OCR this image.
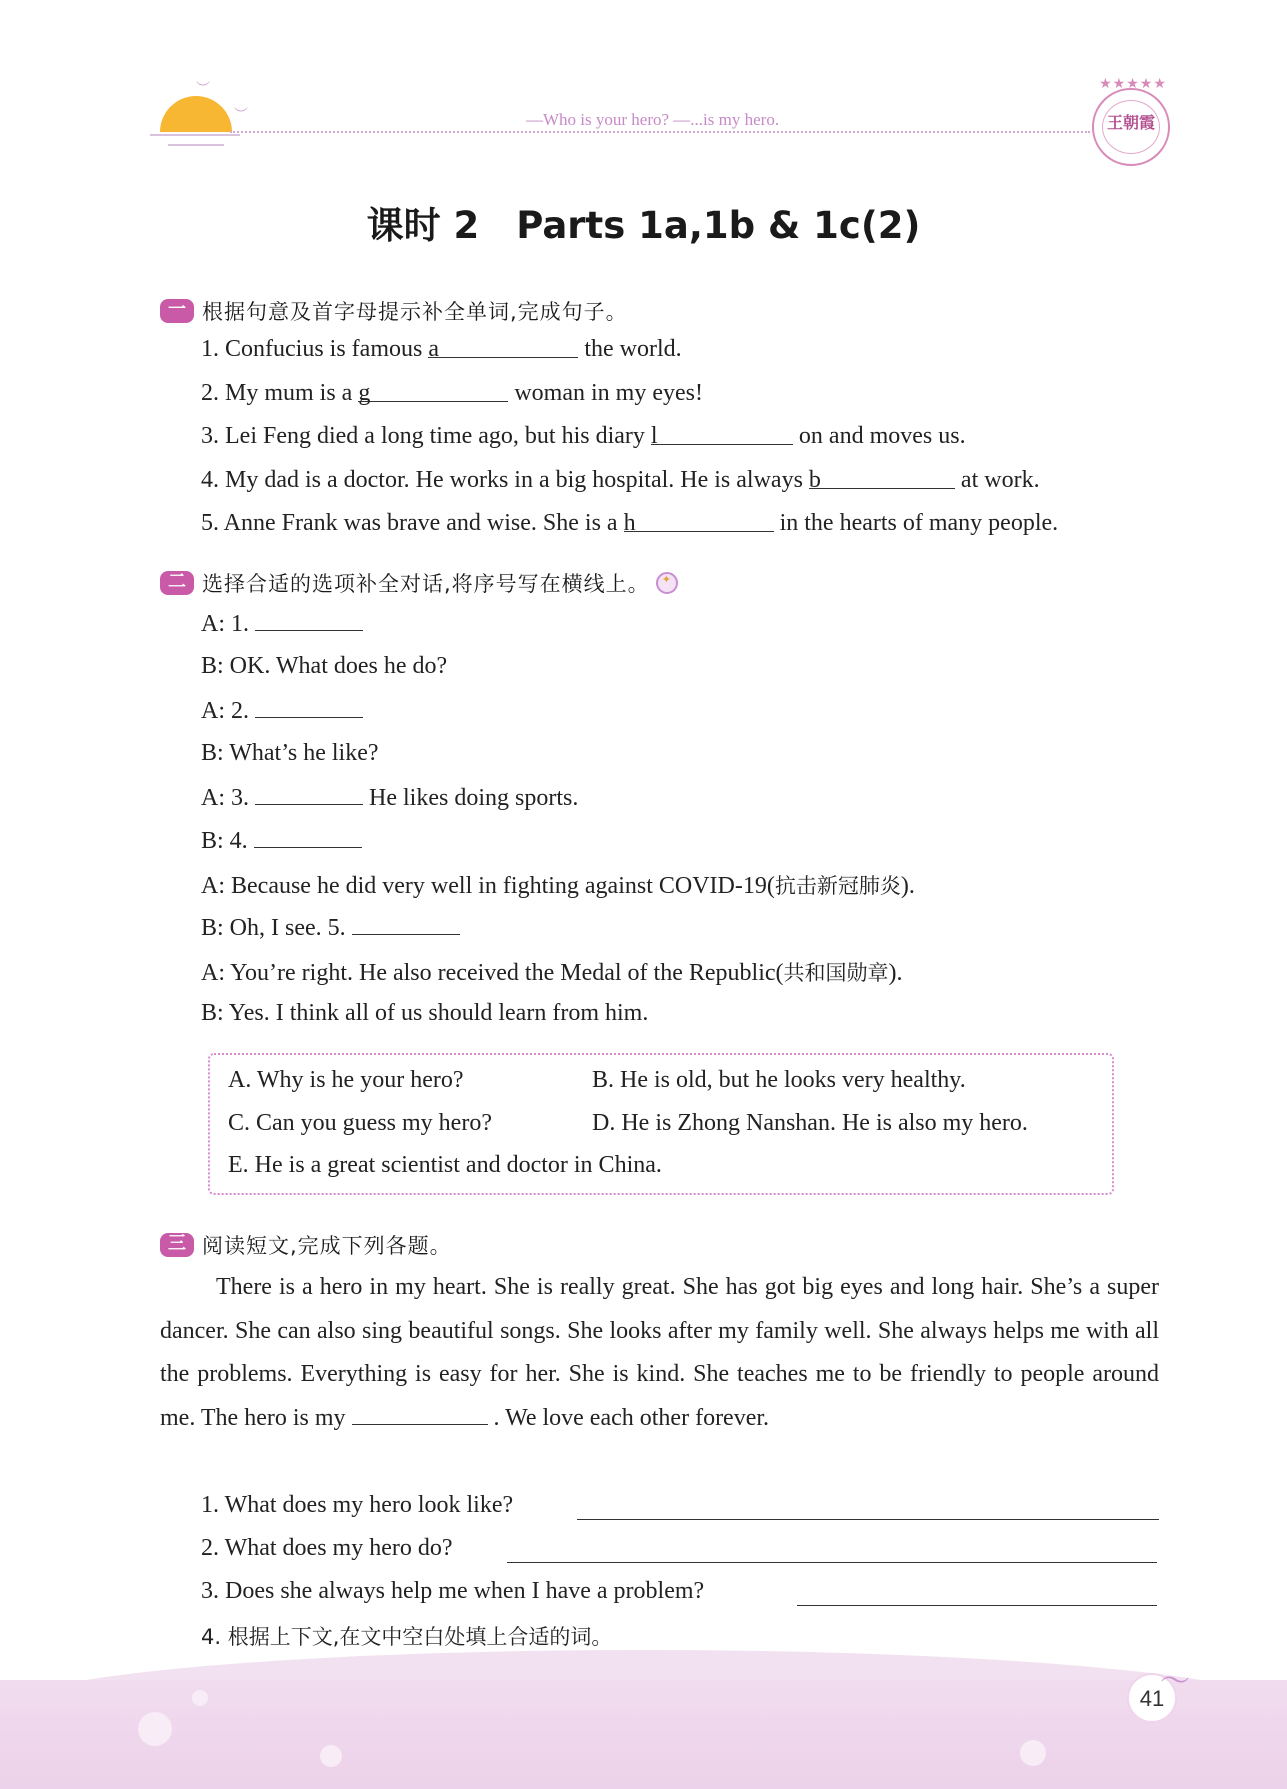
︶
︶	—Who is your hero? —...is my hero.
★★★★★
王朝霞
课时 2　Parts 1a,1b & 1c(2)
一 根据句意及首字母提示补全单词,完成句子。
1. Confucius is famous a	the world.
2. My mum is a g	woman in my eyes!
3. Lei Feng died a long time ago, but his diary l	on and moves us.
4. My dad is a doctor. He works in a big hospital. He is always b	at work.
5. Anne Frank was brave and wise. She is a h	in the hearts of many people.
二 选择合适的选项补全对话,将序号写在横线上。
✦
A: 1.
B: OK. What does he do?
A: 2.
B: What’s he like?
A: 3.	He likes doing sports.
B: 4.
A: Because he did very well in fighting against COVID-19(抗击新冠肺炎).
B: Oh, I see. 5.
A: You’re right. He also received the Medal of the Republic(共和国勋章).
B: Yes. I think all of us should learn from him.
A. Why is he your hero?	B. He is old, but he looks very healthy.
C. Can you guess my hero?	D. He is Zhong Nanshan. He is also my hero.
E. He is a great scientist and doctor in China.
三 阅读短文,完成下列各题。
There is a hero in my heart. She is really great. She has got big eyes and long hair. She’s a super dancer. She can also sing beautiful songs. She looks after my family well. She always helps me with all the problems. Everything is easy for her. She is kind. She teaches me to be friendly to people around me. The hero is my	. We love each other forever.
1. What does my hero look like?
2. What does my hero do?
3. Does she always help me when I have a problem?
4. 根据上下文,在文中空白处填上合适的词。
41
〜
